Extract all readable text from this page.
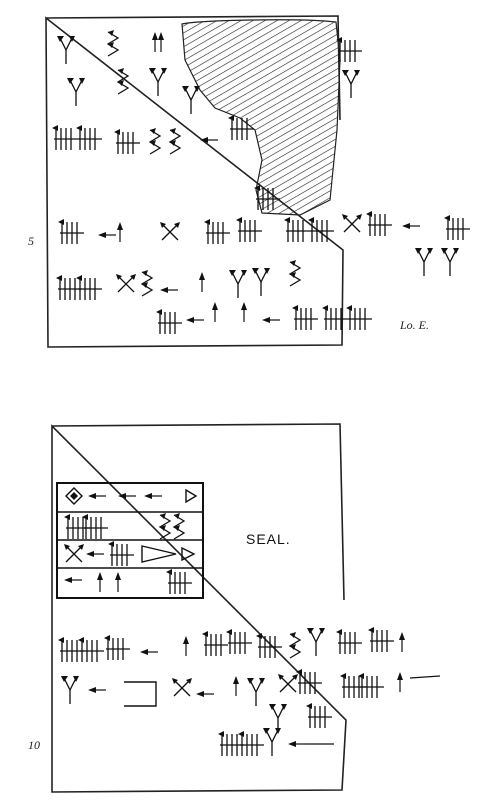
5
Lo. E.
SEAL.
10
